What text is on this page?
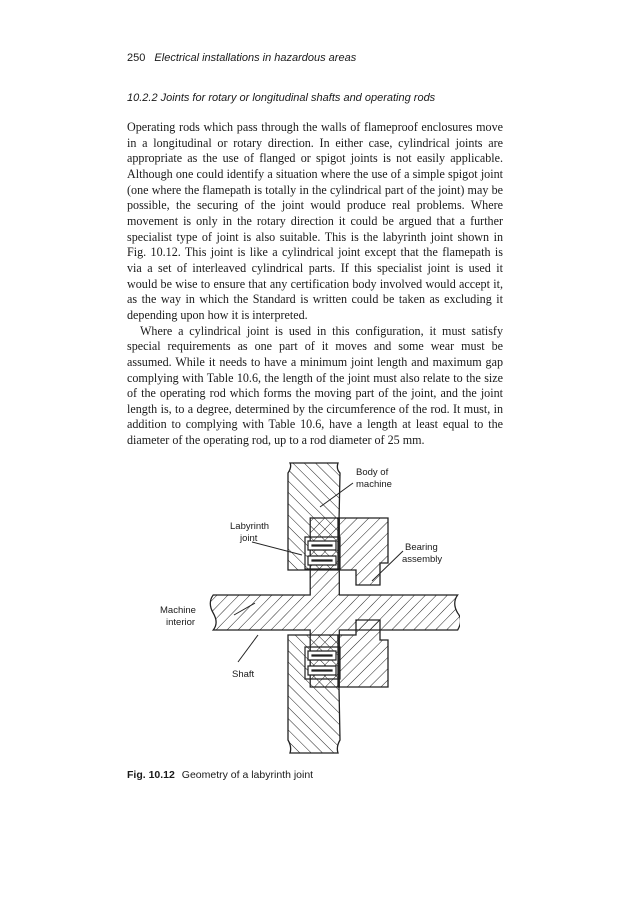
250 Electrical installations in hazardous areas
10.2.2 Joints for rotary or longitudinal shafts and operating rods

Operating rods which pass through the walls of flameproof enclosures move in a longitudinal or rotary direction. In either case, cylindrical joints are appropriate as the use of flanged or spigot joints is not easily applicable. Although one could identify a situation where the use of a simple spigot joint (one where the flamepath is totally in the cylindrical part of the joint) may be possible, the securing of the joint would produce real problems. Where movement is only in the rotary direction it could be argued that a further specialist type of joint is also suitable. This is the labyrinth joint shown in Fig. 10.12. This joint is like a cylindrical joint except that the flamepath is via a set of interleaved cylindrical parts. If this specialist joint is used it would be wise to ensure that any certification body involved would accept it, as the way in which the Standard is written could be taken as excluding it depending upon how it is interpreted.

Where a cylindrical joint is used in this configuration, it must satisfy special requirements as one part of it moves and some wear must be assumed. While it needs to have a minimum joint length and maximum gap complying with Table 10.6, the length of the joint must also relate to the size of the operating rod which forms the moving part of the joint, and the joint length is, to a degree, determined by the circumference of the rod. It must, in addition to complying with Table 10.6, have a length at least equal to the diameter of the operating rod, up to a rod diameter of 25 mm.

Body of
machine
Labyrinth
joint
Bearing
assembly
Machine
interior
Shaft
Fig. 10.12 Geometry of a labyrinth joint
